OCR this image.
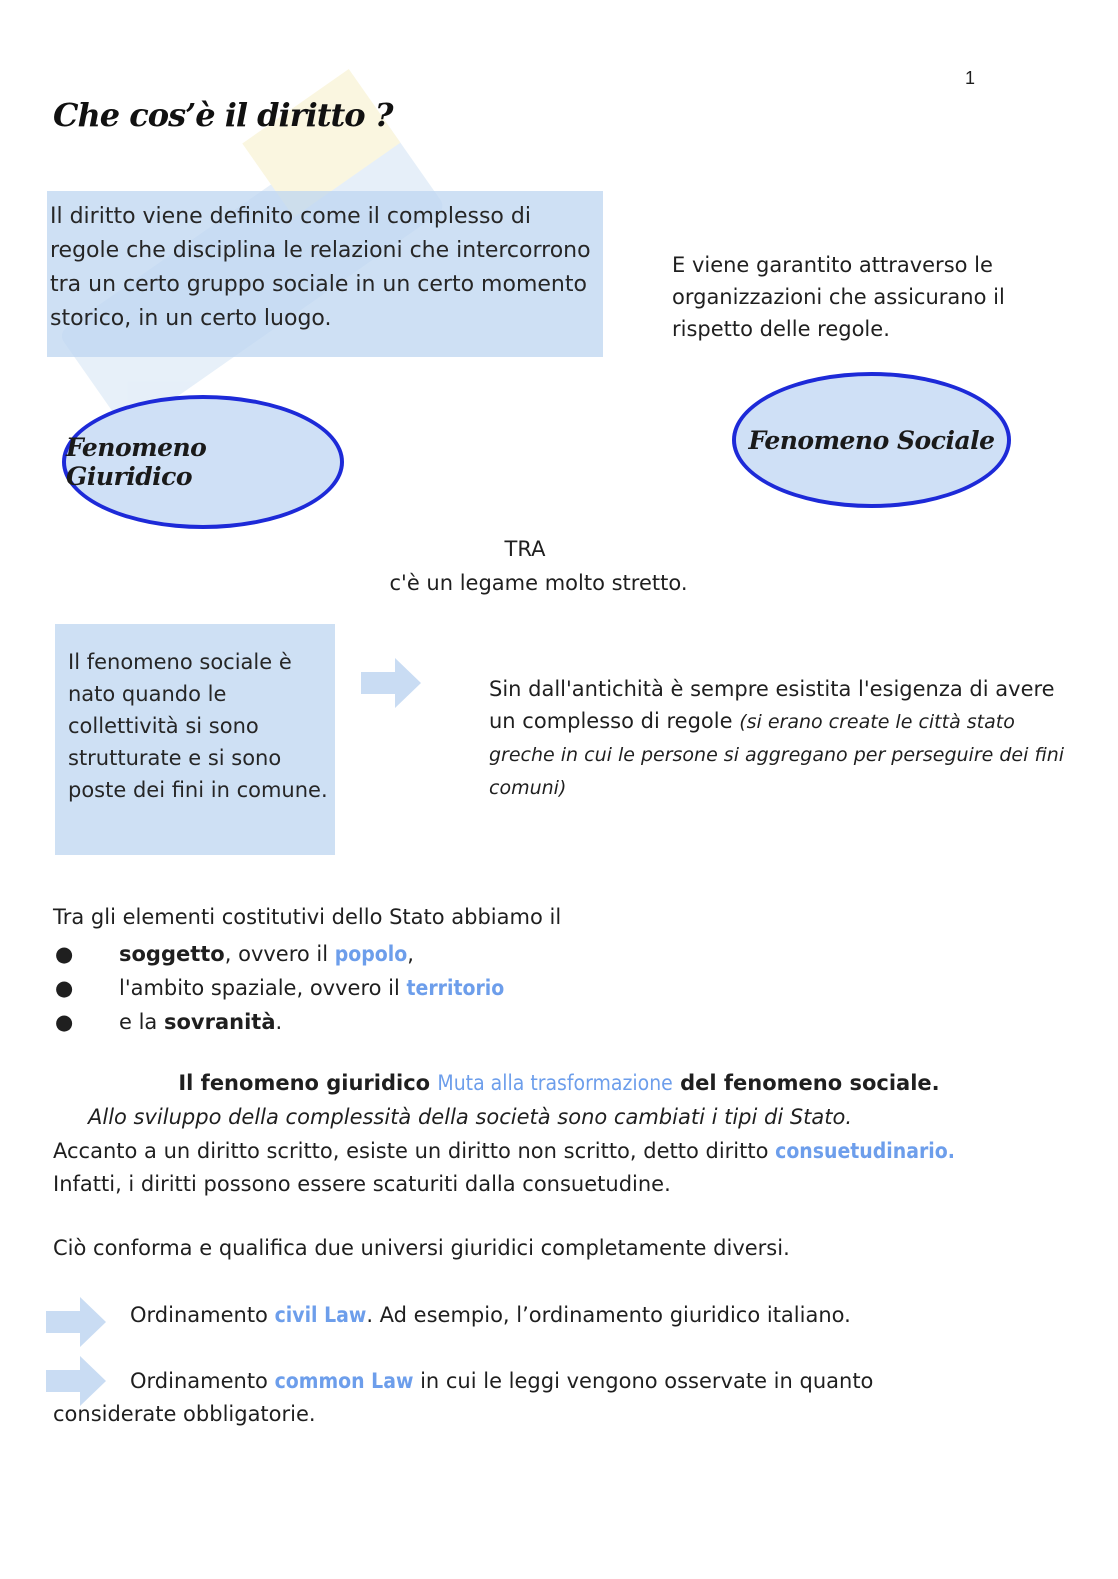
1
Che cos’è il diritto ?
Il diritto viene definito come il complesso di regole che disciplina le relazioni che intercorrono tra un certo gruppo sociale in un certo momento storico, in un certo luogo.
E viene garantito attraverso le organizzazioni che assicurano il rispetto delle regole.
Fenomeno Giuridico
Fenomeno Sociale
TRA
c'è un legame molto stretto.
Il fenomeno sociale è nato quando le collettività si sono strutturate e si sono poste dei fini in comune.
Sin dall'antichità è sempre esistita l'esigenza di avere un complesso di regole (si erano create le città stato greche in cui le persone si aggregano per perseguire dei fini comuni)
Tra gli elementi costitutivi dello Stato abbiamo il
● soggetto, ovvero il popolo,
● l'ambito spaziale, ovvero il territorio
● e la sovranità.
Il fenomeno giuridico Muta alla trasformazione del fenomeno sociale.
Allo sviluppo della complessità della società sono cambiati i tipi di Stato.
Accanto a un diritto scritto, esiste un diritto non scritto, detto diritto consuetudinario.
Infatti, i diritti possono essere scaturiti dalla consuetudine.
Ciò conforma e qualifica due universi giuridici completamente diversi.
Ordinamento civil Law. Ad esempio, l’ordinamento giuridico italiano.
Ordinamento common Law in cui le leggi vengono osservate in quanto
considerate obbligatorie.
